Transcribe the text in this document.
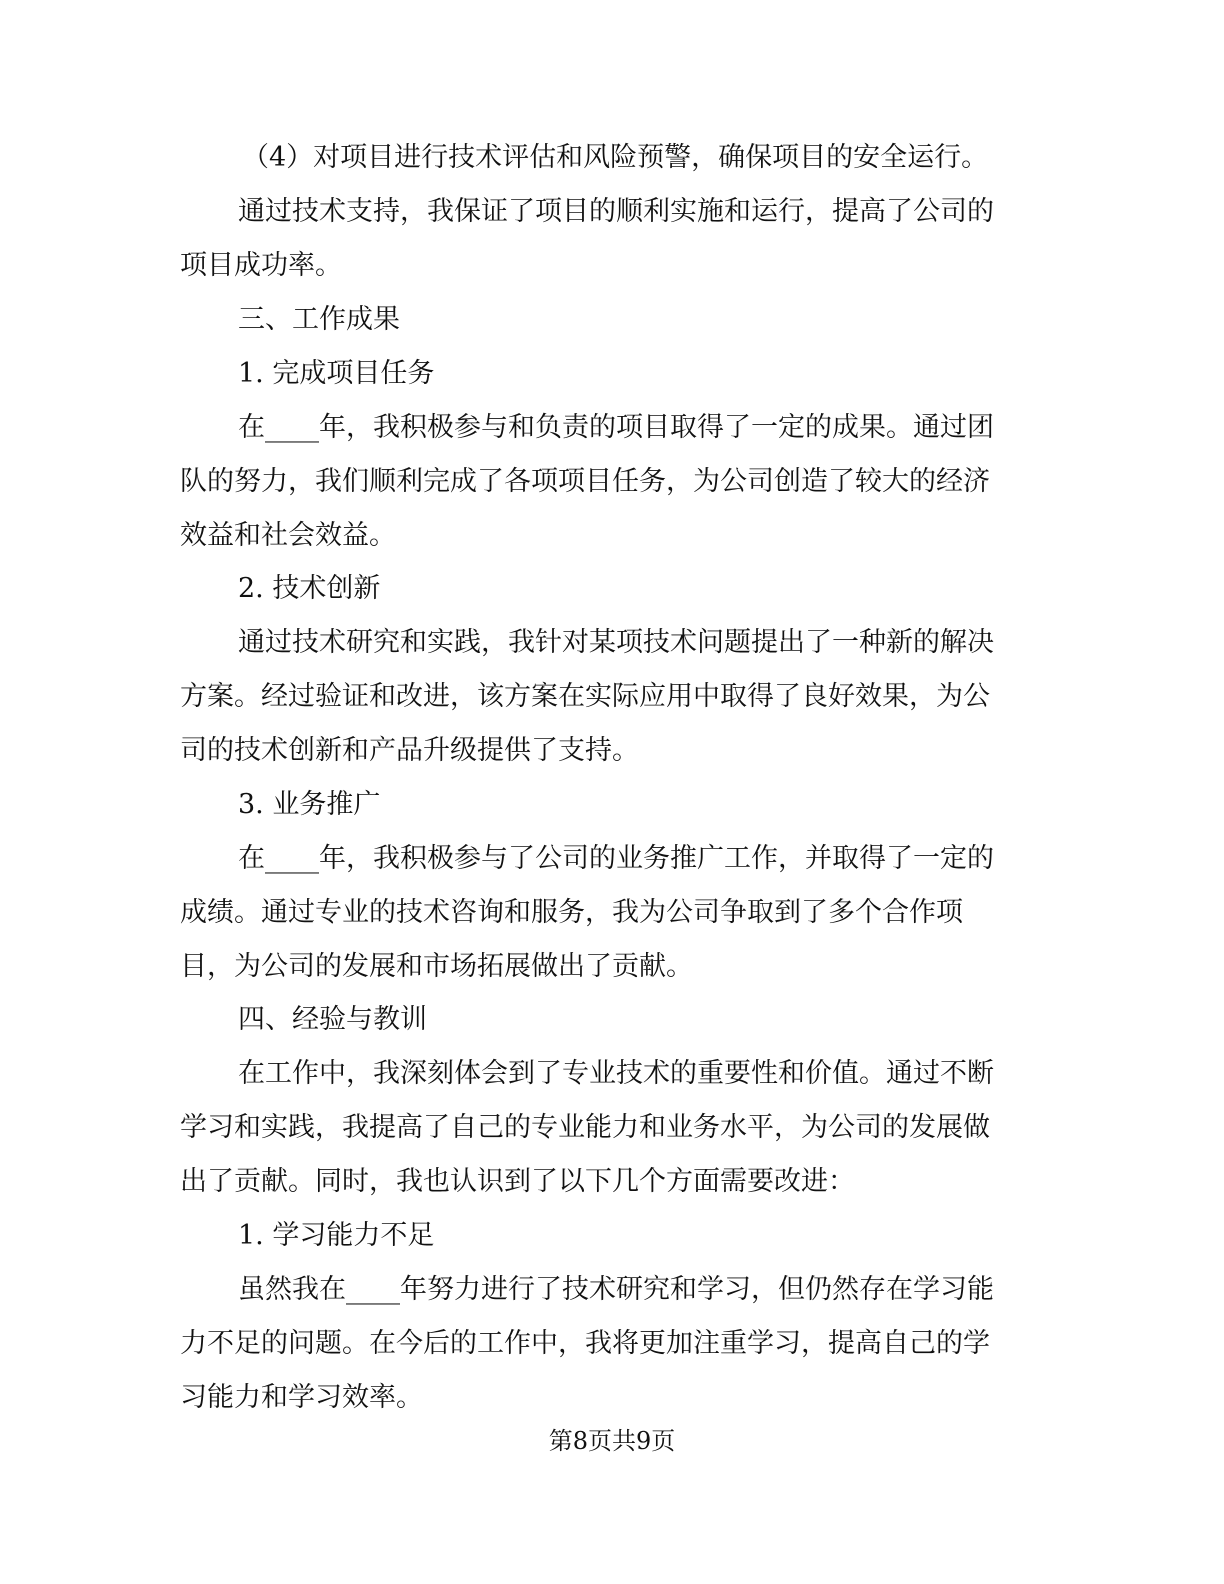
（4）对项目进行技术评估和风险预警，确保项目的安全运行。
通过技术支持，我保证了项目的顺利实施和运行，提高了公司的
项目成功率。
三、工作成果
1. 完成项目任务
在____年，我积极参与和负责的项目取得了一定的成果。通过团
队的努力，我们顺利完成了各项项目任务，为公司创造了较大的经济
效益和社会效益。
2. 技术创新
通过技术研究和实践，我针对某项技术问题提出了一种新的解决
方案。经过验证和改进，该方案在实际应用中取得了良好效果，为公
司的技术创新和产品升级提供了支持。
3. 业务推广
在____年，我积极参与了公司的业务推广工作，并取得了一定的
成绩。通过专业的技术咨询和服务，我为公司争取到了多个合作项
目，为公司的发展和市场拓展做出了贡献。
四、经验与教训
在工作中，我深刻体会到了专业技术的重要性和价值。通过不断
学习和实践，我提高了自己的专业能力和业务水平，为公司的发展做
出了贡献。同时，我也认识到了以下几个方面需要改进：
1. 学习能力不足
虽然我在____年努力进行了技术研究和学习，但仍然存在学习能
力不足的问题。在今后的工作中，我将更加注重学习，提高自己的学
习能力和学习效率。
第8页共9页
